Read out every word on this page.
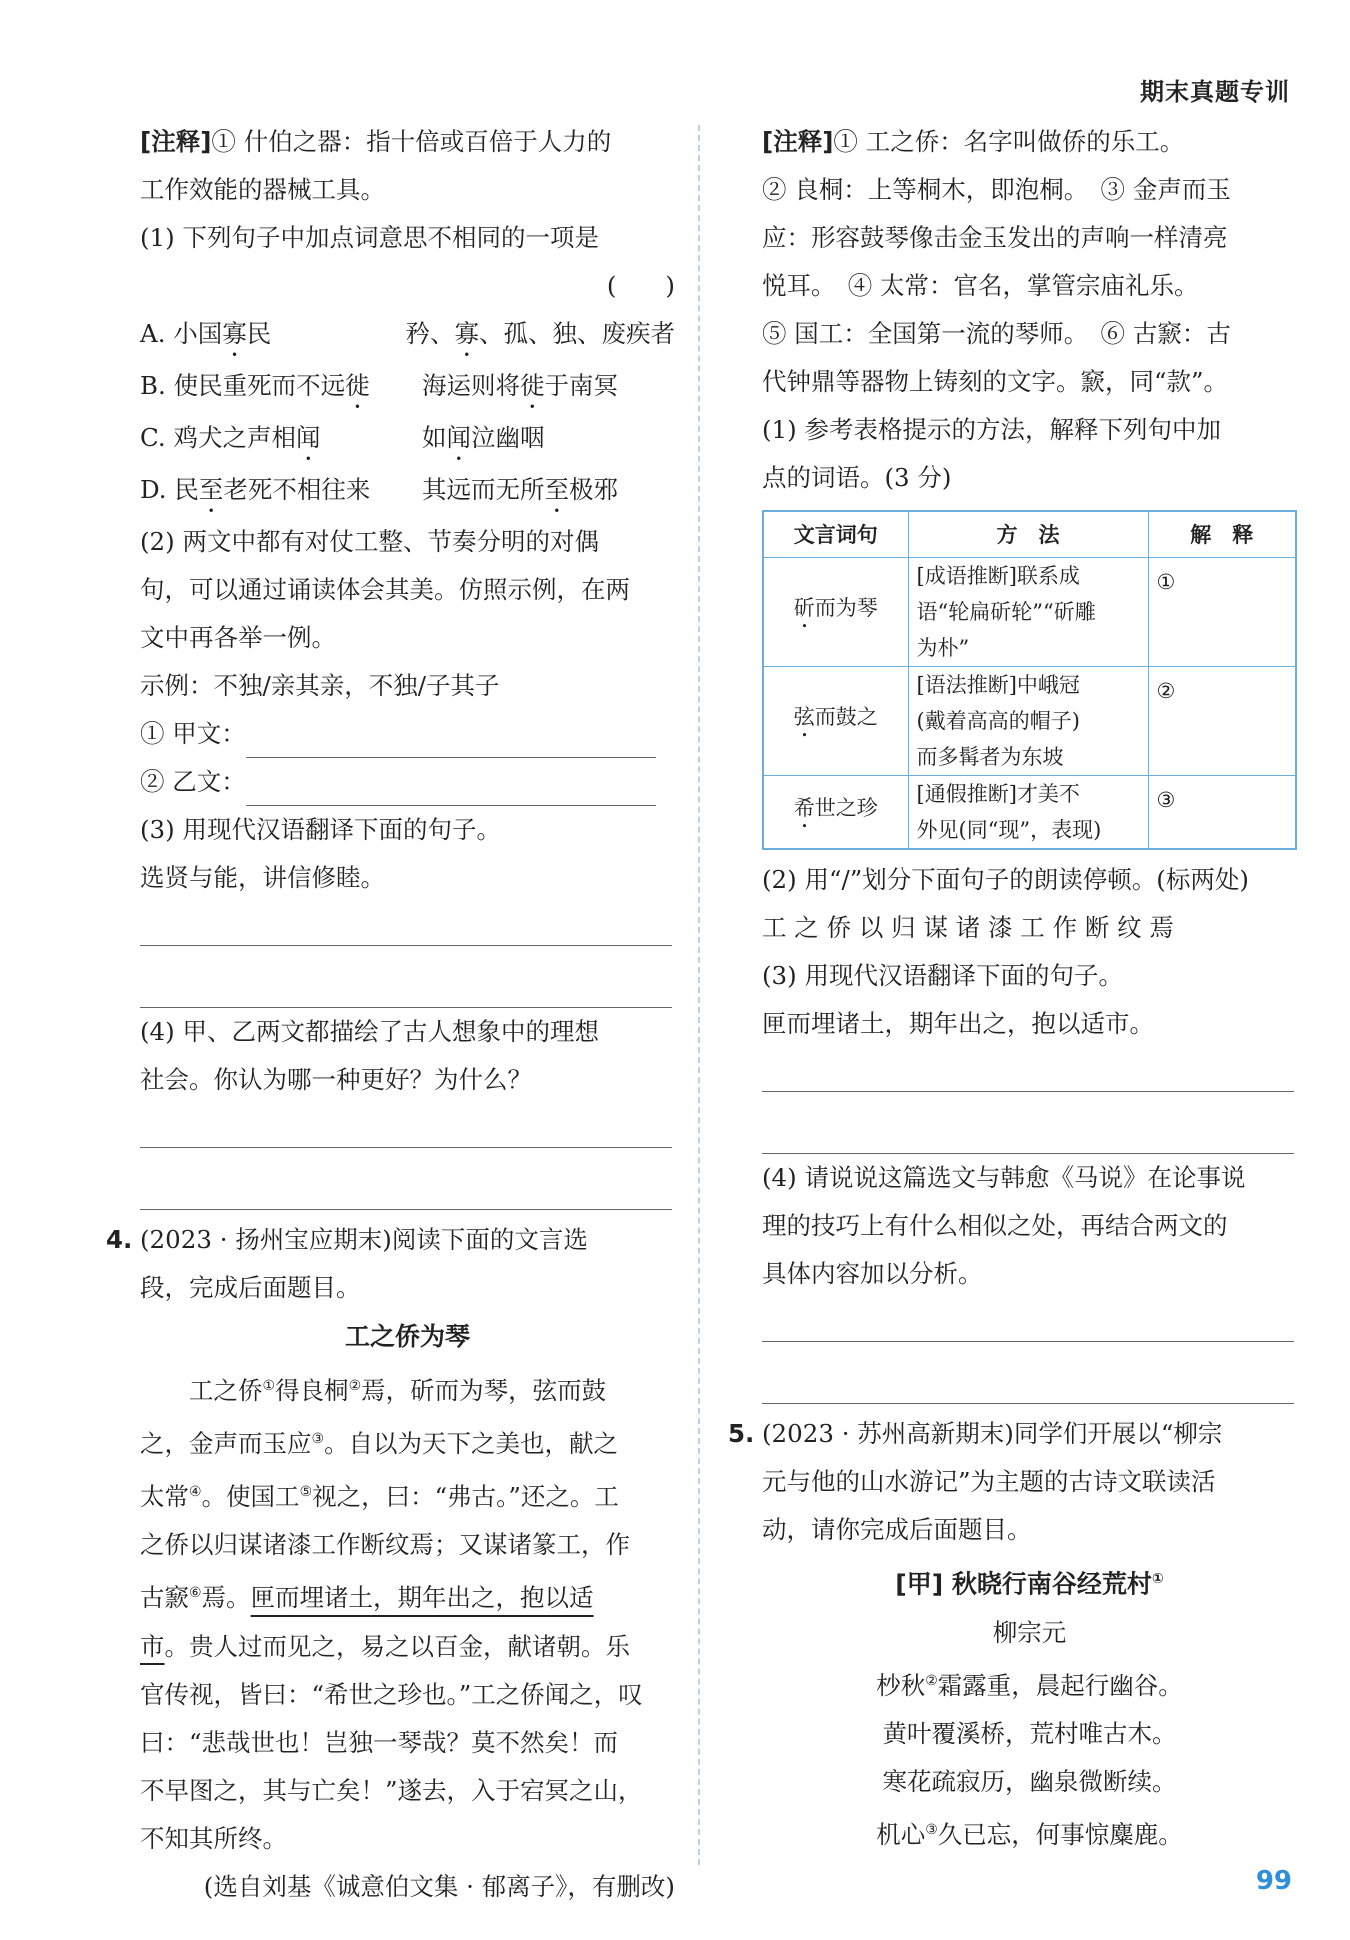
期末真题专训
[注释]① 什伯之器：指十倍或百倍于人力的
工作效能的器械工具。
(1) 下列句子中加点词意思不相同的一项是
(　　)

A. 小国寡民	矜、寡、孤、独、废疾者
B. 使民重死而不远徙	海运则将徙于南冥
C. 鸡犬之声相闻	如闻泣幽咽
D. 民至老死不相往来	其远而无所至极邪
(2) 两文中都有对仗工整、节奏分明的对偶
句，可以通过诵读体会其美。仿照示例，在两
文中再各举一例。
示例：不独/亲其亲，不独/子其子
① 甲文：
② 乙文：
(3) 用现代汉语翻译下面的句子。
选贤与能，讲信修睦。
(4) 甲、乙两文都描绘了古人想象中的理想
社会。你认为哪一种更好？为什么？
4. (2023 · 扬州宝应期末)阅读下面的文言选
段，完成后面题目。
工之侨为琴
　　工之侨①得良桐②焉，斫而为琴，弦而鼓
之，金声而玉应③。自以为天下之美也，献之
太常④。使国工⑤视之，曰：“弗古。”还之。工
之侨以归谋诸漆工作断纹焉；又谋诸篆工，作
古窾⑥焉。匣而埋诸土，期年出之，抱以适
市。贵人过而见之，易之以百金，献诸朝。乐
官传视，皆曰：“希世之珍也。”工之侨闻之，叹
曰：“悲哉世也！岂独一琴哉？莫不然矣！而
不早图之，其与亡矣！”遂去，入于宕冥之山，
不知其所终。
(选自刘基《诚意伯文集 · 郁离子》，有删改)
[注释]① 工之侨：名字叫做侨的乐工。
② 良桐：上等桐木，即泡桐。　③ 金声而玉
应：形容鼓琴像击金玉发出的声响一样清亮
悦耳。　④ 太常：官名，掌管宗庙礼乐。
⑤ 国工：全国第一流的琴师。　⑥ 古窾：古
代钟鼎等器物上铸刻的文字。窾，同“款”。
(1) 参考表格提示的方法，解释下列句中加
点的词语。(3 分)
文言词句	方　法	解　释
斫而为琴	[成语推断]联系成
语“轮扁斫轮”“斫雕
为朴”	①
弦而鼓之	[语法推断]中峨冠
(戴着高高的帽子)
而多髯者为东坡	②
希世之珍	[通假推断]才美不
外见(同“现”，表现)	③
(2) 用“/”划分下面句子的朗读停顿。(标两处)
工 之 侨 以 归 谋 诸 漆 工 作 断 纹 焉
(3) 用现代汉语翻译下面的句子。
匣而埋诸土，期年出之，抱以适市。
(4) 请说说这篇选文与韩愈《马说》在论事说
理的技巧上有什么相似之处，再结合两文的
具体内容加以分析。
5. (2023 · 苏州高新期末)同学们开展以“柳宗
元与他的山水游记”为主题的古诗文联读活
动，请你完成后面题目。
[甲] 秋晓行南谷经荒村①
柳宗元
杪秋②霜露重，晨起行幽谷。
黄叶覆溪桥，荒村唯古木。
寒花疏寂历，幽泉微断续。
机心③久已忘，何事惊麋鹿。
99
